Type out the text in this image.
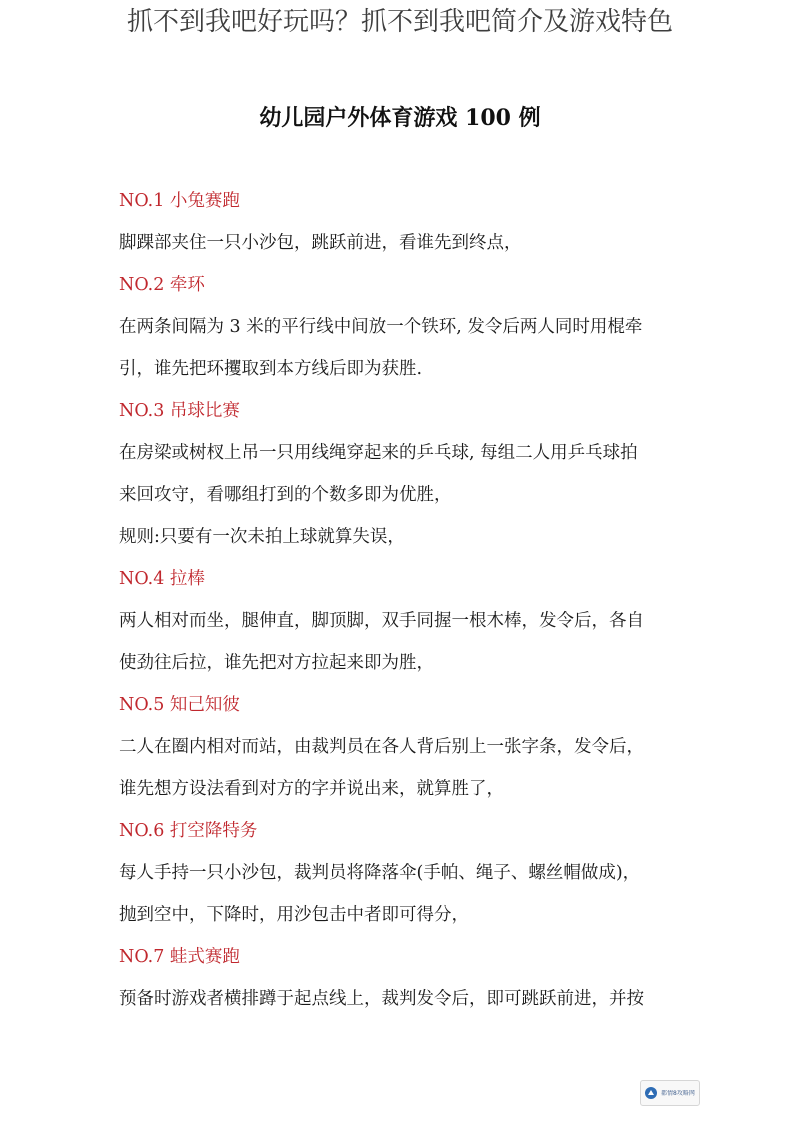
抓不到我吧好玩吗？抓不到我吧简介及游戏特色
幼儿园户外体育游戏 100 例

NO.1 小兔赛跑

脚踝部夹住一只小沙包，跳跃前进，看谁先到终点，

NO.2 牵环

在两条间隔为 3 米的平行线中间放一个铁环, 发令后两人同时用棍牵

引，谁先把环攫取到本方线后即为获胜.

NO.3 吊球比赛

在房梁或树杈上吊一只用线绳穿起来的乒乓球, 每组二人用乒乓球拍

来回攻守，看哪组打到的个数多即为优胜，

规则:只要有一次未拍上球就算失误，

NO.4 拉棒

两人相对而坐，腿伸直，脚顶脚，双手同握一根木棒，发令后，各自

使劲往后拉，谁先把对方拉起来即为胜，

NO.5 知己知彼

二人在圈内相对而站，由裁判员在各人背后别上一张字条，发令后，

谁先想方设法看到对方的字并说出来，就算胜了，

NO.6 打空降特务

每人手持一只小沙包，裁判员将降落伞(手帕、绳子、螺丝帽做成)，

抛到空中，下降时，用沙包击中者即可得分，

NO.7 蛙式赛跑

预备时游戏者横排蹲于起点线上，裁判发令后，即可跳跃前进，并按

都情8攻略网
